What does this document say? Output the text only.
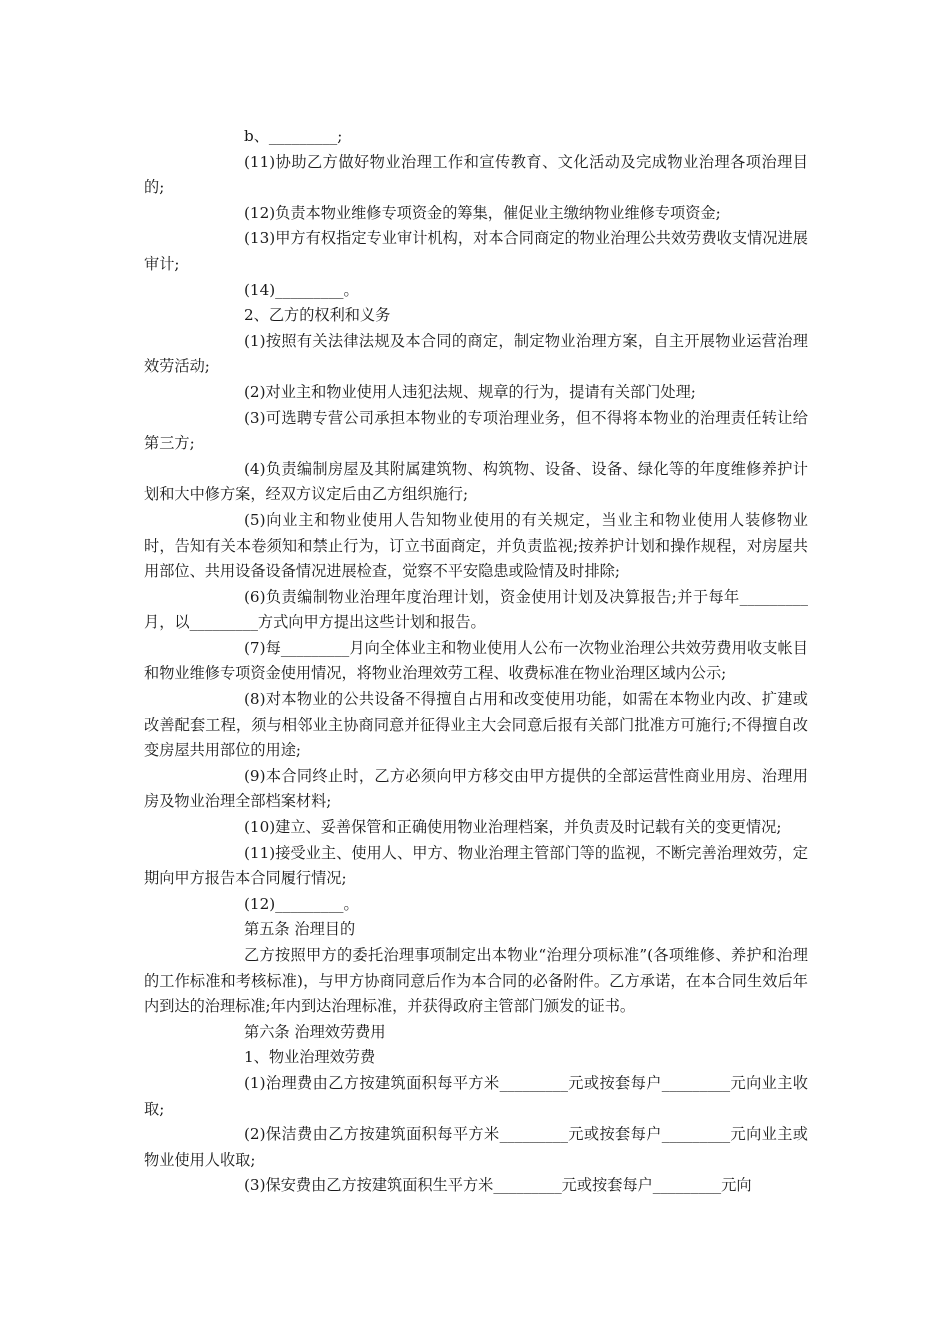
b、_________;

(11)协助乙方做好物业治理工作和宣传教育、文化活动及完成物业治理各项治理目的;

(12)负责本物业维修专项资金的筹集，催促业主缴纳物业维修专项资金;

(13)甲方有权指定专业审计机构，对本合同商定的物业治理公共效劳费收支情况进展审计;

(14)_________。

2、乙方的权利和义务

(1)按照有关法律法规及本合同的商定，制定物业治理方案，自主开展物业运营治理效劳活动;

(2)对业主和物业使用人违犯法规、规章的行为，提请有关部门处理;

(3)可选聘专营公司承担本物业的专项治理业务，但不得将本物业的治理责任转让给第三方;

(4)负责编制房屋及其附属建筑物、构筑物、设备、设备、绿化等的年度维修养护计划和大中修方案，经双方议定后由乙方组织施行;

(5)向业主和物业使用人告知物业使用的有关规定，当业主和物业使用人装修物业时，告知有关本卷须知和禁止行为，订立书面商定，并负责监视;按养护计划和操作规程，对房屋共用部位、共用设备设备情况进展检查，觉察不平安隐患或险情及时排除;

(6)负责编制物业治理年度治理计划，资金使用计划及决算报告;并于每年_________月，以_________方式向甲方提出这些计划和报告。

(7)每_________月向全体业主和物业使用人公布一次物业治理公共效劳费用收支帐目和物业维修专项资金使用情况，将物业治理效劳工程、收费标准在物业治理区域内公示;

(8)对本物业的公共设备不得擅自占用和改变使用功能，如需在本物业内改、扩建或改善配套工程，须与相邻业主协商同意并征得业主大会同意后报有关部门批准方可施行;不得擅自改变房屋共用部位的用途;

(9)本合同终止时，乙方必须向甲方移交由甲方提供的全部运营性商业用房、治理用房及物业治理全部档案材料;

(10)建立、妥善保管和正确使用物业治理档案，并负责及时记载有关的变更情况;

(11)接受业主、使用人、甲方、物业治理主管部门等的监视，不断完善治理效劳，定期向甲方报告本合同履行情况;

(12)_________。

第五条 治理目的

乙方按照甲方的委托治理事项制定出本物业“治理分项标准”(各项维修、养护和治理的工作标准和考核标准)，与甲方协商同意后作为本合同的必备附件。乙方承诺，在本合同生效后年内到达的治理标准;年内到达治理标准，并获得政府主管部门颁发的证书。

第六条 治理效劳费用

1、物业治理效劳费

(1)治理费由乙方按建筑面积每平方米_________元或按套每户_________元向业主收取;

(2)保洁费由乙方按建筑面积每平方米_________元或按套每户_________元向业主或物业使用人收取;

(3)保安费由乙方按建筑面积生平方米_________元或按套每户_________元向
